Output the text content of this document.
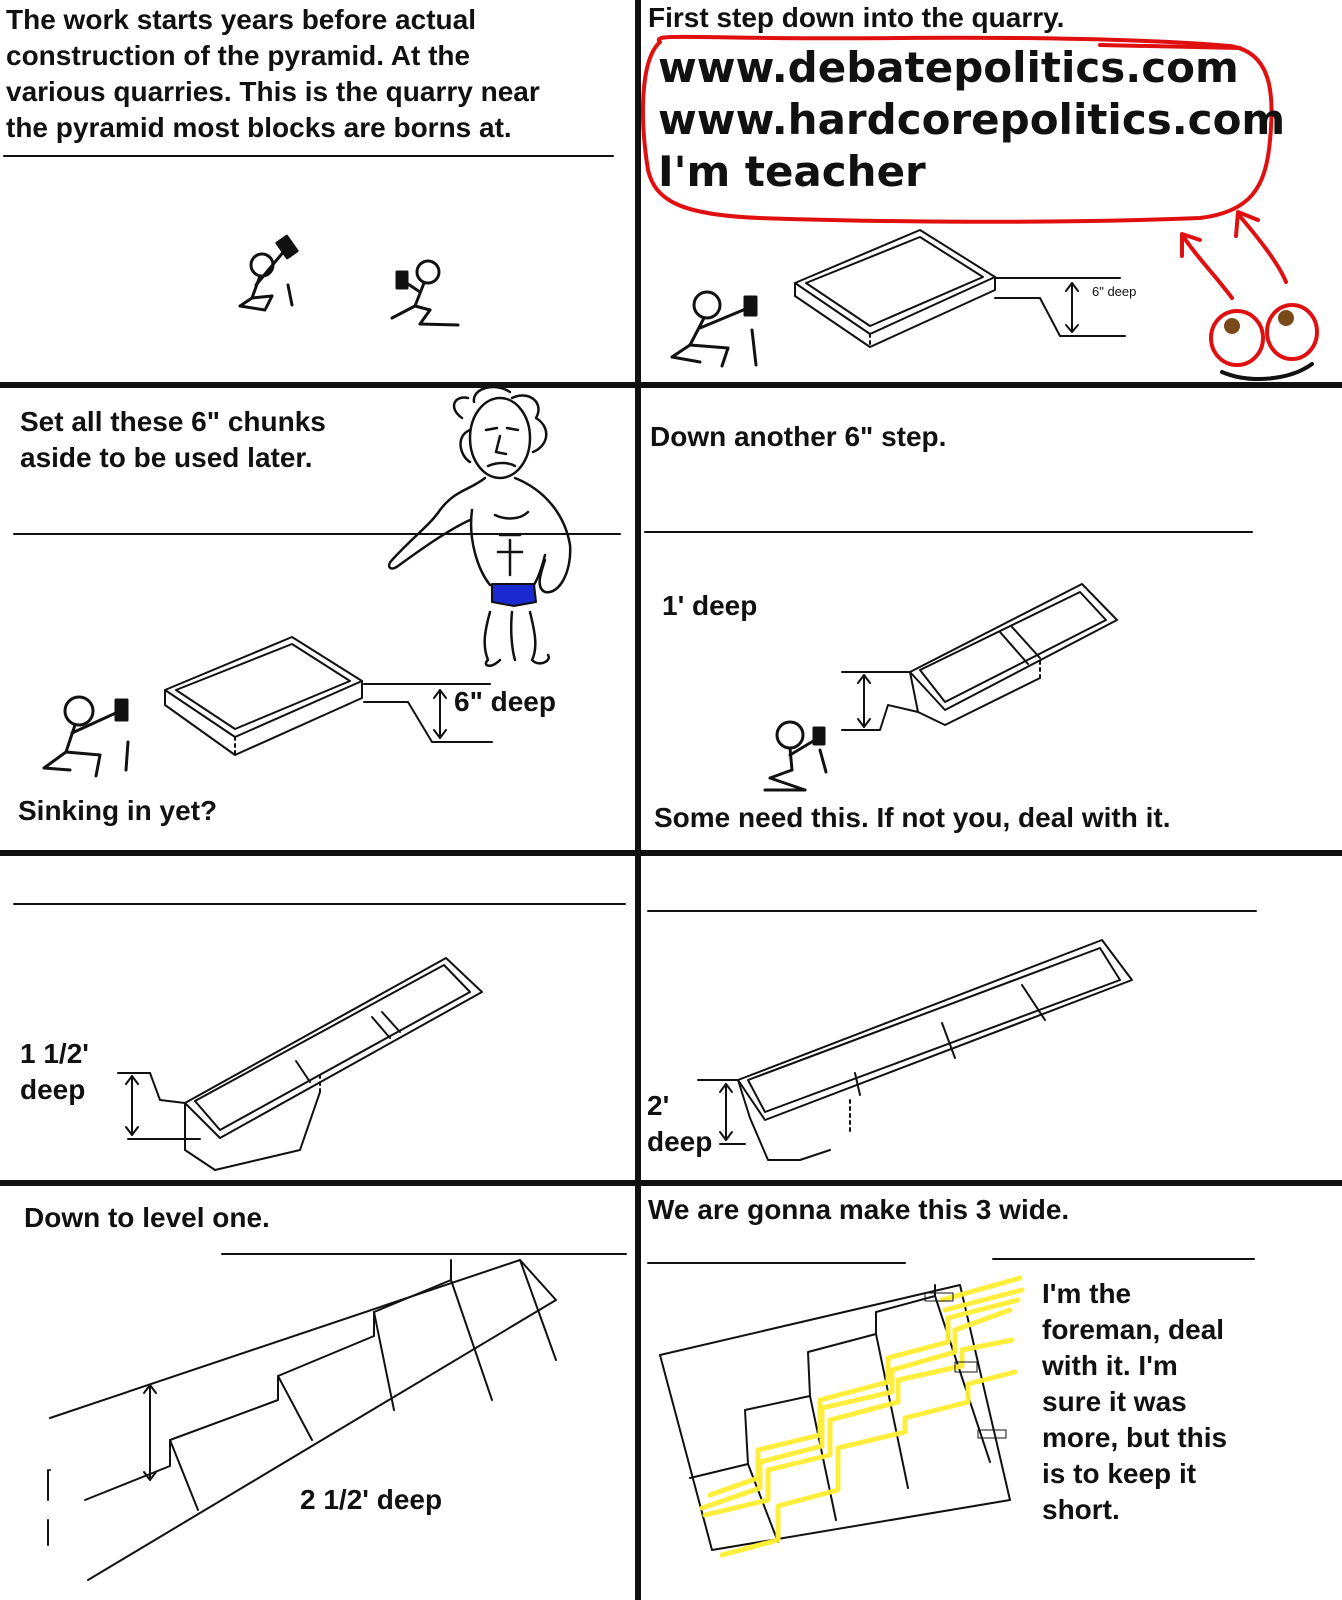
The work starts years before actual
construction of the pyramid. At the
various quarries. This is the quarry near
the pyramid most blocks are borns at.

First step down into the quarry.

www.debatepolitics.com

www.hardcorepolitics.com

I'm teacher

6" deep

Set all these 6" chunks
aside to be used later.

6" deep

Sinking in yet?

Down another 6" step.

1' deep

Some need this. If not you, deal with it.

1 1/2'
deep

2'
deep

Down to level one.

2 1/2' deep

We are gonna make this 3 wide.

I'm the
foreman, deal
with it. I'm
sure it was
more, but this
is to keep it
short.
